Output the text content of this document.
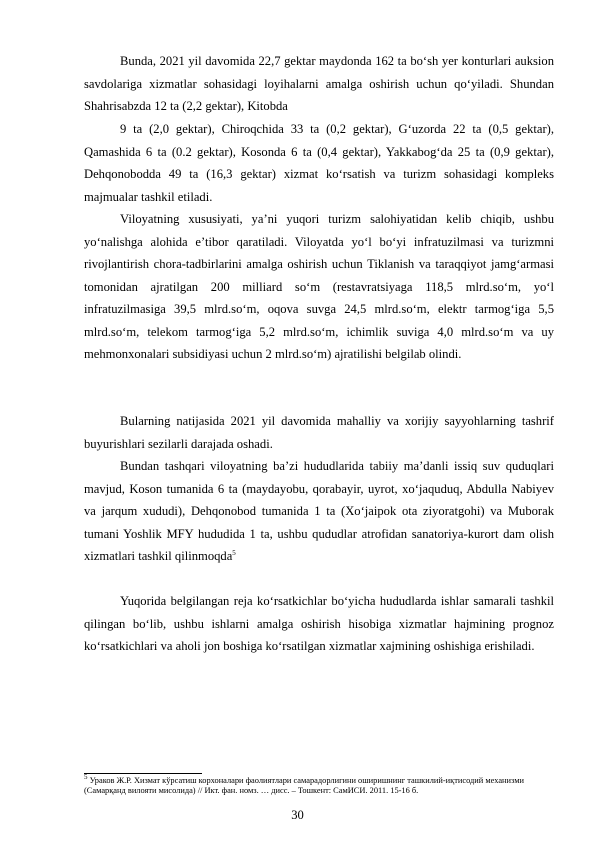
Bunda, 2021 yil davomida 22,7 gektar maydonda 162 ta bo‘sh yer konturlari auksion savdolariga xizmatlar sohasidagi loyihalarni amalga oshirish uchun qo‘yiladi. Shundan Shahrisabzda 12 ta (2,2 gektar), Kitobda

9 ta (2,0 gektar), Chiroqchida 33 ta (0,2 gektar), G‘uzorda 22 ta (0,5 gektar), Qamashida 6 ta (0.2 gektar), Kosonda 6 ta (0,4 gektar), Yakkabog‘da 25 ta (0,9 gektar), Dehqonobodda 49 ta (16,3 gektar) xizmat ko‘rsatish va turizm sohasidagi kompleks majmualar tashkil etiladi.

Viloyatning xususiyati, ya’ni yuqori turizm salohiyatidan kelib chiqib, ushbu yo‘nalishga alohida e’tibor qaratiladi. Viloyatda yo‘l bo‘yi infratuzilmasi va turizmni rivojlantirish chora-tadbirlarini amalga oshirish uchun Tiklanish va taraqqiyot jamg‘armasi tomonidan ajratilgan 200 milliard so‘m (restavratsiyaga 118,5 mlrd.so‘m, yo‘l infratuzilmasiga 39,5 mlrd.so‘m, oqova suvga 24,5 mlrd.so‘m, elektr tarmog‘iga 5,5 mlrd.so‘m, telekom tarmog‘iga 5,2 mlrd.so‘m, ichimlik suviga 4,0 mlrd.so‘m va uy mehmonxonalari subsidiyasi uchun 2 mlrd.so‘m) ajratilishi belgilab olindi.

Bularning natijasida 2021 yil davomida mahalliy va xorijiy sayyohlarning tashrif buyurishlari sezilarli darajada oshadi.

Bundan tashqari viloyatning ba’zi hududlarida tabiiy ma’danli issiq suv quduqlari mavjud, Koson tumanida 6 ta (maydayobu, qorabayir, uyrot, xo‘jaquduq, Abdulla Nabiyev va jarqum xududi), Dehqonobod tumanida 1 ta (Xo‘jaipok ota ziyoratgohi) va Muborak tumani Yoshlik MFY hududida 1 ta, ushbu qududlar atrofidan sanatoriya-kurort dam olish xizmatlari tashkil qilinmoqda$^5$

Yuqorida belgilangan reja ko‘rsatkichlar bo‘yicha hududlarda ishlar samarali tashkil qilingan bo‘lib, ushbu ishlarni amalga oshirish hisobiga xizmatlar hajmining prognoz ko‘rsatkichlari va aholi jon boshiga ko‘rsatilgan xizmatlar xajmining oshishiga erishiladi.

$^5$ Ураков Ж.Р. Хизмат кўрсатиш корхоналари фаолиятлари самарадорлигини оширишнинг ташкилий-иқтисодий механизми (Самарқанд вилояти мисолида) // Икт. фан. номз. … дисс. – Тошкент: СамИСИ. 2011. 15-16 б.

30
